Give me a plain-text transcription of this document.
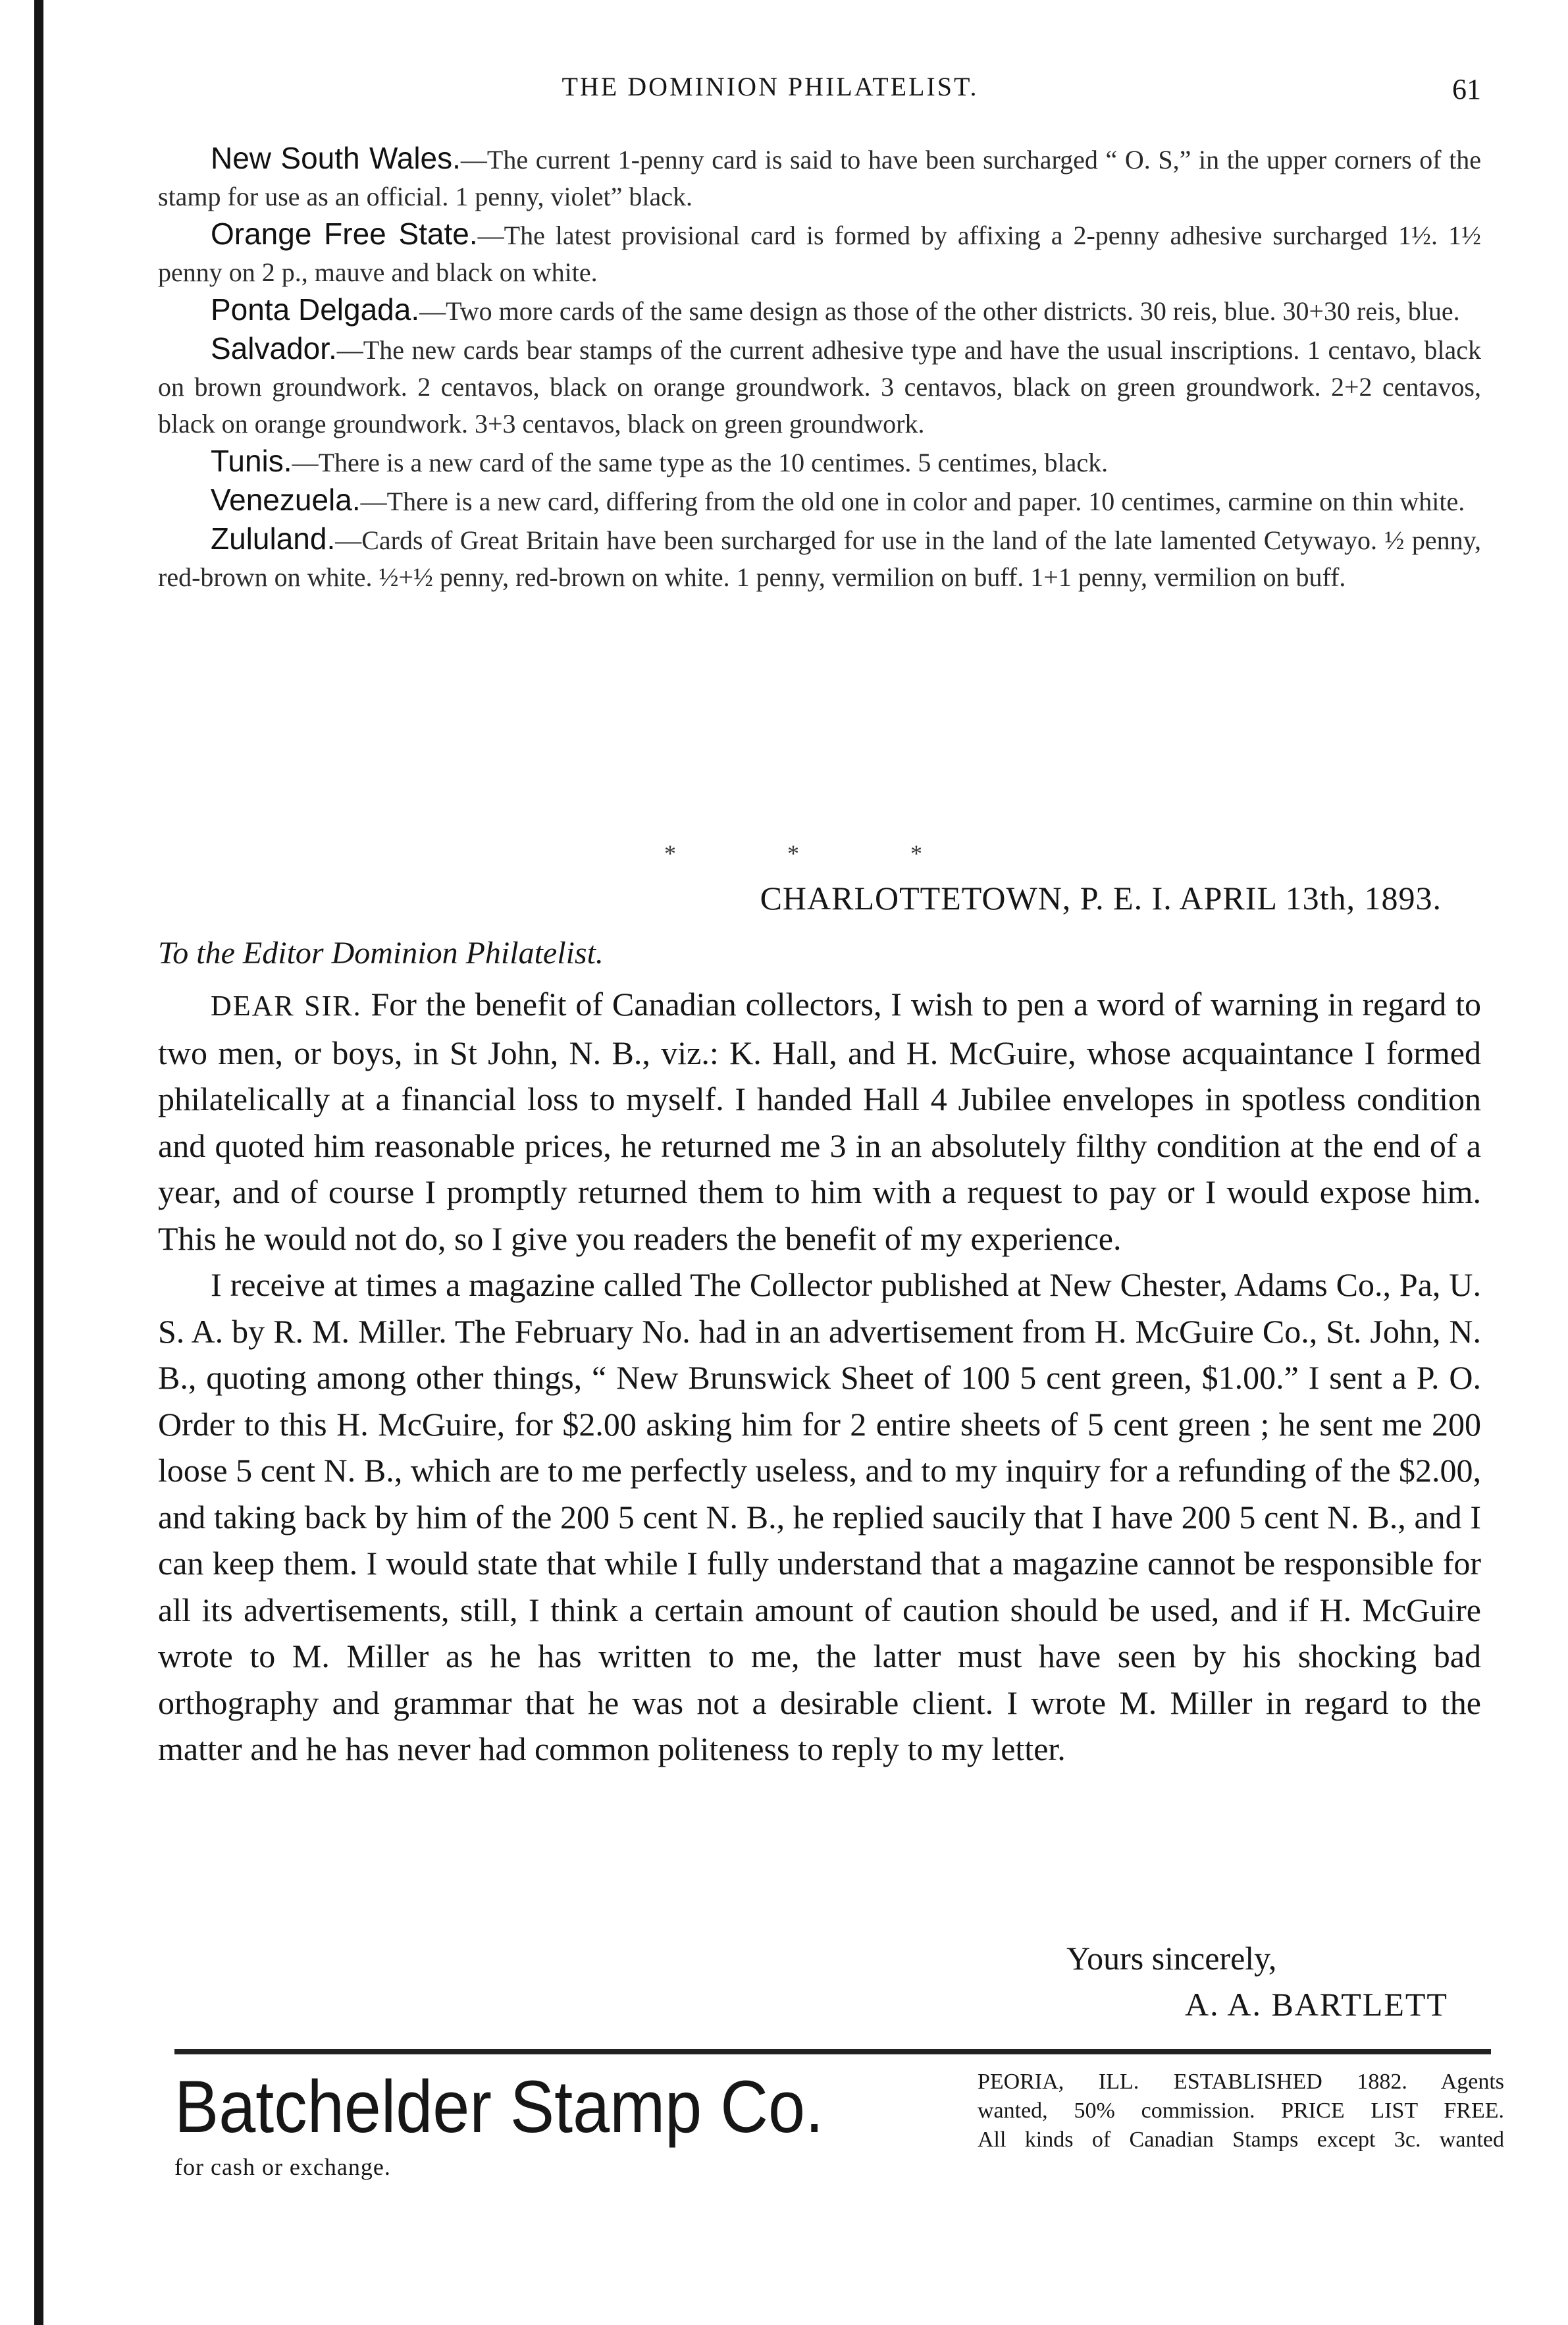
THE DOMINION PHILATELIST.	61

New South Wales.—The current 1-penny card is said to have been surcharged “ O. S,” in the upper corners of the stamp for use as an official. 1 penny, violet” black.

Orange Free State.—The latest provisional card is formed by affixing a 2-penny adhesive surcharged 1½. 1½ penny on 2 p., mauve and black on white.

Ponta Delgada.—Two more cards of the same design as those of the other districts. 30 reis, blue. 30+30 reis, blue.

Salvador.—The new cards bear stamps of the current adhesive type and have the usual inscriptions. 1 centavo, black on brown groundwork. 2 centavos, black on orange groundwork. 3 centavos, black on green groundwork. 2+2 centavos, black on orange groundwork. 3+3 centavos, black on green groundwork.

Tunis.—There is a new card of the same type as the 10 centimes. 5 centimes, black.

Venezuela.—There is a new card, differing from the old one in color and paper. 10 centimes, carmine on thin white.

Zululand.—Cards of Great Britain have been surcharged for use in the land of the late lamented Cetywayo. ½ penny, red-brown on white. ½+½ penny, red-brown on white. 1 penny, vermilion on buff. 1+1 penny, vermilion on buff.

* * *
CHARLOTTETOWN, P. E. I. APRIL 13th, 1893.
To the Editor Dominion Philatelist.

DEAR SIR. For the benefit of Canadian collectors, I wish to pen a word of warning in regard to two men, or boys, in St John, N. B., viz.: K. Hall, and H. McGuire, whose acquaintance I formed philatelically at a financial loss to myself. I handed Hall 4 Jubilee envelopes in spotless condition and quoted him reasonable prices, he returned me 3 in an absolutely filthy condition at the end of a year, and of course I promptly returned them to him with a request to pay or I would expose him. This he would not do, so I give you readers the benefit of my experience.

I receive at times a magazine called The Collector published at New Chester, Adams Co., Pa, U. S. A. by R. M. Miller. The February No. had in an advertisement from H. McGuire Co., St. John, N. B., quoting among other things, “ New Brunswick Sheet of 100 5 cent green, $1.00.” I sent a P. O. Order to this H. McGuire, for $2.00 asking him for 2 entire sheets of 5 cent green ; he sent me 200 loose 5 cent N. B., which are to me perfectly useless, and to my inquiry for a refunding of the $2.00, and taking back by him of the 200 5 cent N. B., he replied saucily that I have 200 5 cent N. B., and I can keep them. I would state that while I fully understand that a magazine cannot be responsible for all its advertisements, still, I think a certain amount of caution should be used, and if H. McGuire wrote to M. Miller as he has written to me, the latter must have seen by his shocking bad orthography and grammar that he was not a desirable client. I wrote M. Miller in regard to the matter and he has never had common politeness to reply to my letter.

Yours sincerely,
A. A. BARTLETT
Batchelder Stamp Co.
for cash or exchange.
PEORIA, ILL. ESTABLISHED 1882. Agents
wanted, 50% commission. PRICE LIST FREE.
All kinds of Canadian Stamps except 3c. wanted
